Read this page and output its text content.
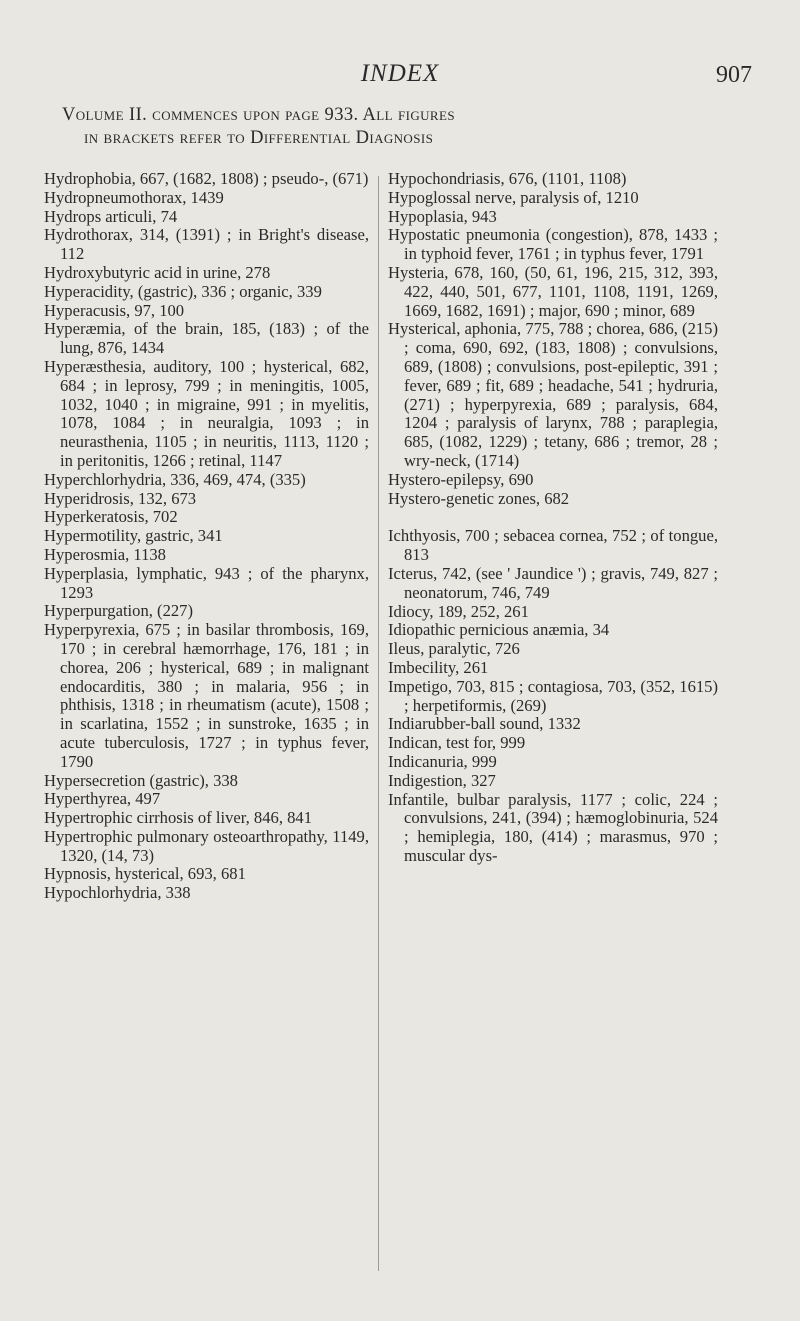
INDEX	907
Volume II. commences upon page 933. All figures
in brackets refer to Differential Diagnosis
Hydrophobia, 667, (1682, 1808) ; pseudo-, (671)
Hydropneumothorax, 1439
Hydrops articuli, 74
Hydrothorax, 314, (1391) ; in Bright's disease, 112
Hydroxybutyric acid in urine, 278
Hyperacidity, (gastric), 336 ; organic, 339
Hyperacusis, 97, 100
Hyperæmia, of the brain, 185, (183) ; of the lung, 876, 1434
Hyperæsthesia, auditory, 100 ; hysterical, 682, 684 ; in leprosy, 799 ; in meningitis, 1005, 1032, 1040 ; in migraine, 991 ; in myelitis, 1078, 1084 ; in neuralgia, 1093 ; in neurasthenia, 1105 ; in neuritis, 1113, 1120 ; in peritonitis, 1266 ; retinal, 1147
Hyperchlorhydria, 336, 469, 474, (335)
Hyperidrosis, 132, 673
Hyperkeratosis, 702
Hypermotility, gastric, 341
Hyperosmia, 1138
Hyperplasia, lymphatic, 943 ; of the pharynx, 1293
Hyperpurgation, (227)
Hyperpyrexia, 675 ; in basilar thrombosis, 169, 170 ; in cerebral hæmorrhage, 176, 181 ; in chorea, 206 ; hysterical, 689 ; in malignant endocarditis, 380 ; in malaria, 956 ; in phthisis, 1318 ; in rheumatism (acute), 1508 ; in scarlatina, 1552 ; in sunstroke, 1635 ; in acute tuberculosis, 1727 ; in typhus fever, 1790
Hypersecretion (gastric), 338
Hyperthyrea, 497
Hypertrophic cirrhosis of liver, 846, 841
Hypertrophic pulmonary osteoarthropathy, 1149, 1320, (14, 73)
Hypnosis, hysterical, 693, 681
Hypochlorhydria, 338
Hypochondriasis, 676, (1101, 1108)
Hypoglossal nerve, paralysis of, 1210
Hypoplasia, 943
Hypostatic pneumonia (congestion), 878, 1433 ; in typhoid fever, 1761 ; in typhus fever, 1791
Hysteria, 678, 160, (50, 61, 196, 215, 312, 393, 422, 440, 501, 677, 1101, 1108, 1191, 1269, 1669, 1682, 1691) ; major, 690 ; minor, 689
Hysterical, aphonia, 775, 788 ; chorea, 686, (215) ; coma, 690, 692, (183, 1808) ; convulsions, 689, (1808) ; convulsions, post-epileptic, 391 ; fever, 689 ; fit, 689 ; headache, 541 ; hydruria, (271) ; hyperpyrexia, 689 ; paralysis, 684, 1204 ; paralysis of larynx, 788 ; paraplegia, 685, (1082, 1229) ; tetany, 686 ; tremor, 28 ; wry-neck, (1714)
Hystero-epilepsy, 690
Hystero-genetic zones, 682
Ichthyosis, 700 ; sebacea cornea, 752 ; of tongue, 813
Icterus, 742, (see ' Jaundice ') ; gravis, 749, 827 ; neonatorum, 746, 749
Idiocy, 189, 252, 261
Idiopathic pernicious anæmia, 34
Ileus, paralytic, 726
Imbecility, 261
Impetigo, 703, 815 ; contagiosa, 703, (352, 1615) ; herpetiformis, (269)
Indiarubber-ball sound, 1332
Indican, test for, 999
Indicanuria, 999
Indigestion, 327
Infantile, bulbar paralysis, 1177 ; colic, 224 ; convulsions, 241, (394) ; hæmoglobinuria, 524 ; hemiplegia, 180, (414) ; marasmus, 970 ; muscular dys-
